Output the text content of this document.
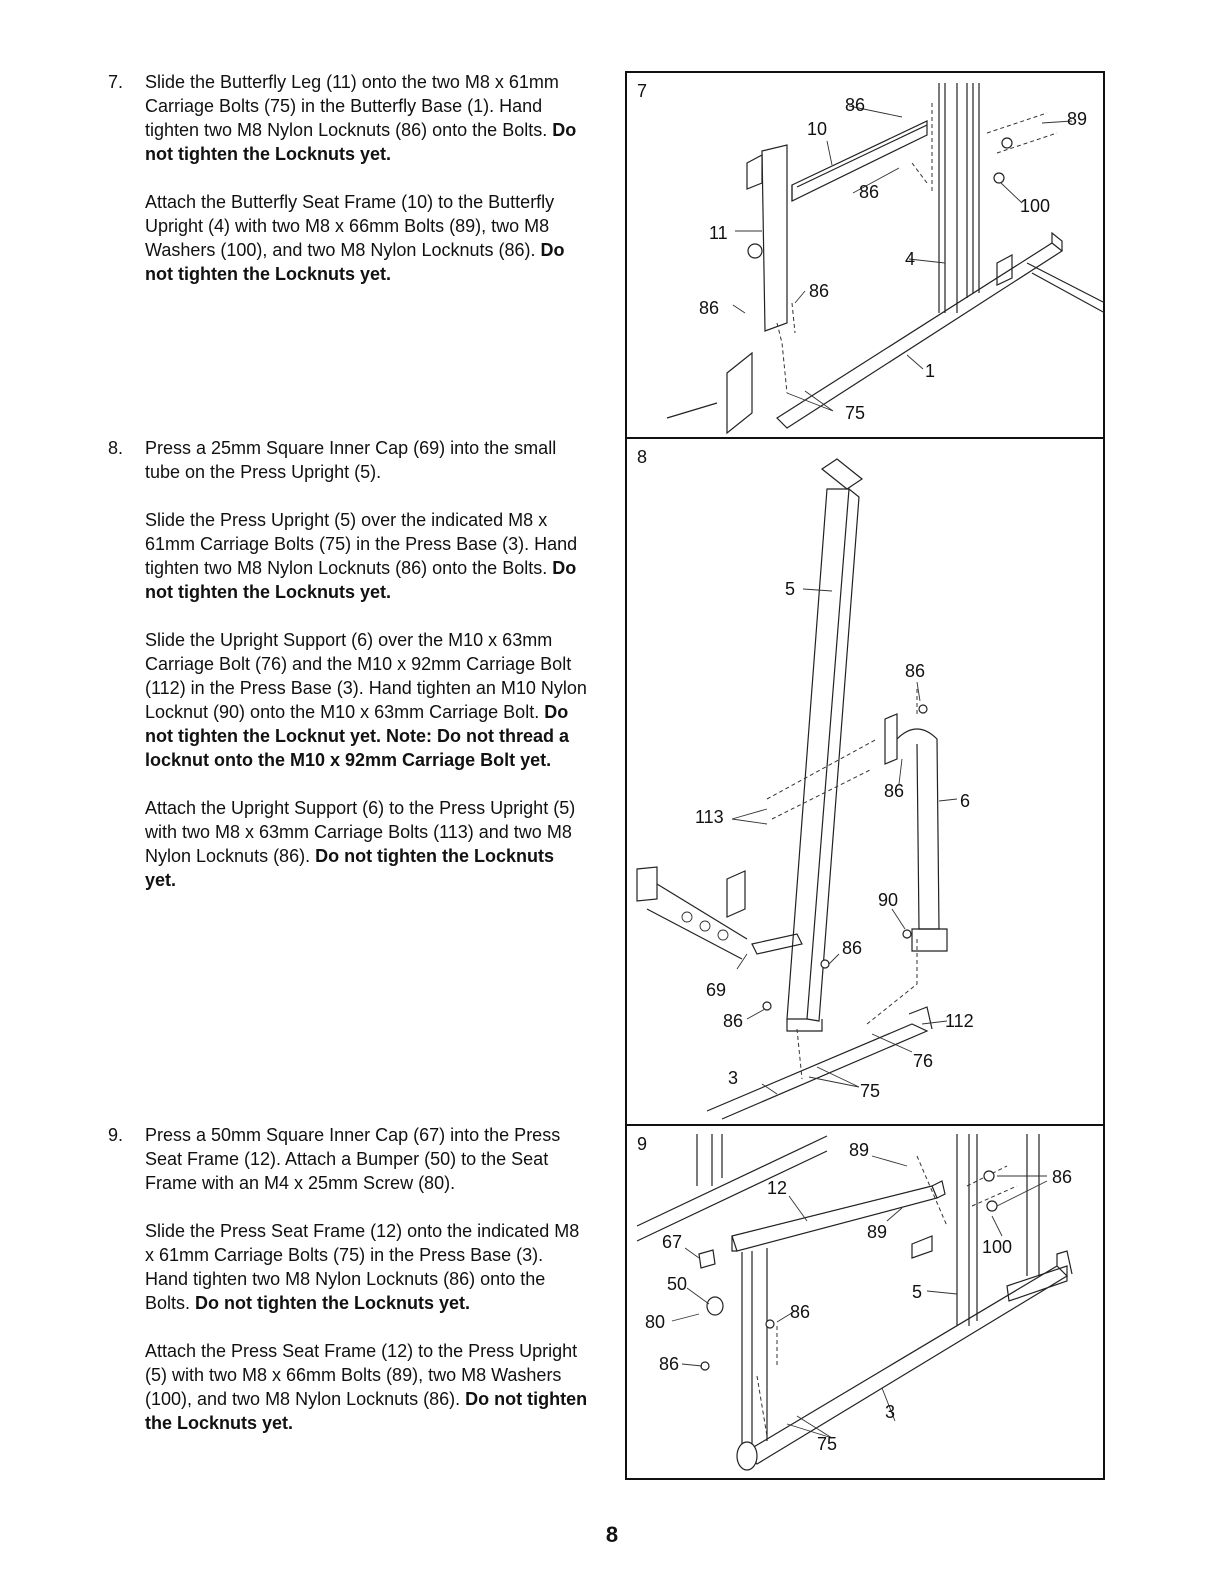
7. Slide the Butterfly Leg (11) onto the two M8 x 61mm Carriage Bolts (75) in the Butterfly Base (1). Hand tighten two M8 Nylon Locknuts (86) onto the Bolts. Do not tighten the Locknuts yet.
Attach the Butterfly Seat Frame (10) to the Butterfly Upright (4) with two M8 x 66mm Bolts (89), two M8 Washers (100), and two M8 Nylon Locknuts (86). Do not tighten the Locknuts yet.
8. Press a 25mm Square Inner Cap (69) into the small tube on the Press Upright (5).
Slide the Press Upright (5) over the indicated M8 x 61mm Carriage Bolts (75) in the Press Base (3). Hand tighten two M8 Nylon Locknuts (86) onto the Bolts. Do not tighten the Locknuts yet.
Slide the Upright Support (6) over the M10 x 63mm Carriage Bolt (76) and the M10 x 92mm Carriage Bolt (112) in the Press Base (3). Hand tighten an M10 Nylon Locknut (90) onto the M10 x 63mm Carriage Bolt. Do not tighten the Locknut yet. Note: Do not thread a locknut onto the M10 x 92mm Carriage Bolt yet.
Attach the Upright Support (6) to the Press Upright (5) with two M8 x 63mm Carriage Bolts (113) and two M8 Nylon Locknuts (86). Do not tighten the Locknuts yet.
9. Press a 50mm Square Inner Cap (67) into the Press Seat Frame (12). Attach a Bumper (50) to the Seat Frame with an M4 x 25mm Screw (80).
Slide the Press Seat Frame (12) onto the indicated M8 x 61mm Carriage Bolts (75) in the Press Base (3). Hand tighten two M8 Nylon Locknuts (86) onto the Bolts. Do not tighten the Locknuts yet.
Attach the Press Seat Frame (12) to the Press Upright (5) with two M8 x 66mm Bolts (89), two M8 Washers (100), and two M8 Nylon Locknuts (86). Do not tighten the Locknuts yet.
7
86
10	89
86
100
11
4
86
86
1
75
8
5
86
86	6
113
90
86
69
86	112
76
3
75
9	89
86
12
89
100
67
50	5
80	86
86
3
75
8
